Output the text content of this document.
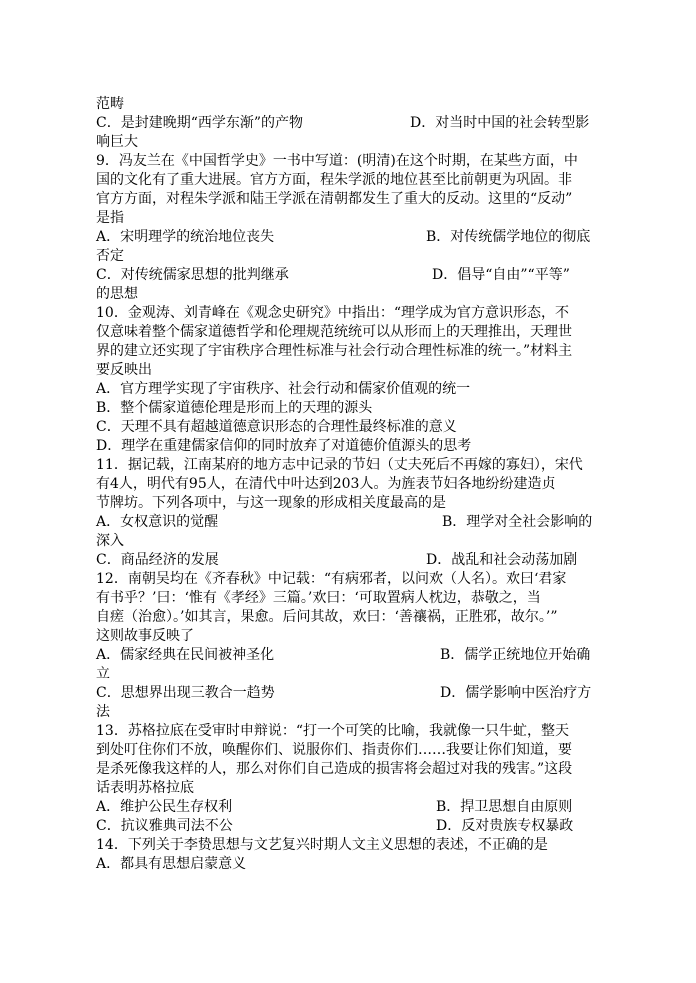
范畴
C．是封建晚期“西学东渐”的产物	D．对当时中国的社会转型影
响巨大
9．冯友兰在《中国哲学史》一书中写道：(明清)在这个时期，在某些方面，中
国的文化有了重大进展。官方方面，程朱学派的地位甚至比前朝更为巩固。非
官方方面，对程朱学派和陆王学派在清朝都发生了重大的反动。这里的“反动”
是指
A．宋明理学的统治地位丧失	B．对传统儒学地位的彻底
否定
C．对传统儒家思想的批判继承	D．倡导“自由”“平等”
的思想
10．金观涛、刘青峰在《观念史研究》中指出：“理学成为官方意识形态，不
仅意味着整个儒家道德哲学和伦理规范统统可以从形而上的天理推出，天理世
界的建立还实现了宇宙秩序合理性标准与社会行动合理性标准的统一。”材料主
要反映出
A．官方理学实现了宇宙秩序、社会行动和儒家价值观的统一
B．整个儒家道德伦理是形而上的天理的源头
C．天理不具有超越道德意识形态的合理性最终标准的意义
D．理学在重建儒家信仰的同时放弃了对道德价值源头的思考
11．据记载，江南某府的地方志中记录的节妇（丈夫死后不再嫁的寡妇），宋代
有4人，明代有95人，在清代中叶达到203人。为旌表节妇各地纷纷建造贞
节牌坊。下列各项中，与这一现象的形成相关度最高的是
A．女权意识的觉醒	B．理学对全社会影响的
深入
C．商品经济的发展	D．战乱和社会动荡加剧
12．南朝吴均在《齐春秋》中记载：“有病邪者，以问欢（人名）。欢曰‘君家
有书乎？’曰：‘惟有《孝经》三篇。’欢曰：‘可取置病人枕边，恭敬之，当
自瘥（治愈）。’如其言，果愈。后问其故，欢曰：‘善禳祸，正胜邪，故尔。’”
这则故事反映了
A．儒家经典在民间被神圣化	B．儒学正统地位开始确
立
C．思想界出现三教合一趋势	D．儒学影响中医治疗方
法
13．苏格拉底在受审时申辩说：“打一个可笑的比喻，我就像一只牛虻，整天
到处叮住你们不放，唤醒你们、说服你们、指责你们……我要让你们知道，要
是杀死像我这样的人，那么对你们自己造成的损害将会超过对我的残害。”这段
话表明苏格拉底
A．维护公民生存权利	B．捍卫思想自由原则
C．抗议雅典司法不公	D．反对贵族专权暴政
14．下列关于李贽思想与文艺复兴时期人文主义思想的表述，不正确的是
A．都具有思想启蒙意义
